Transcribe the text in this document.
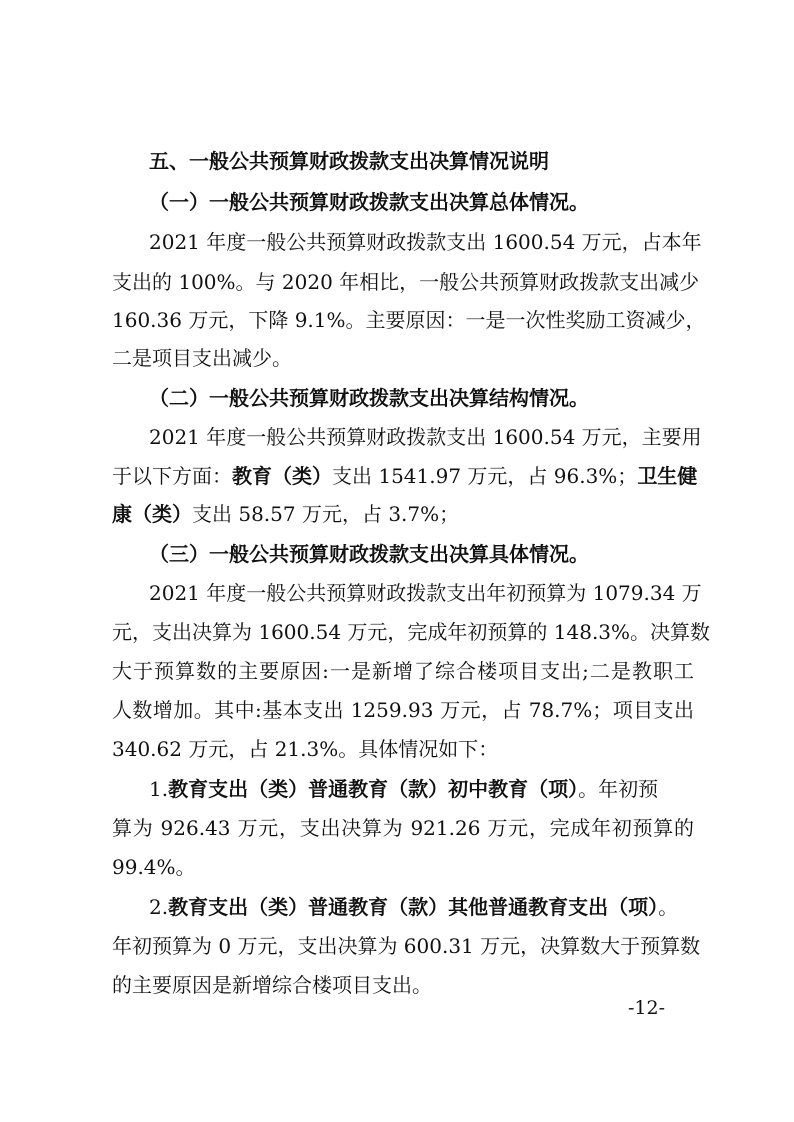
五、一般公共预算财政拨款支出决算情况说明
（一）一般公共预算财政拨款支出决算总体情况。
2021 年度一般公共预算财政拨款支出 1600.54 万元，占本年
支出的 100%。与 2020 年相比，一般公共预算财政拨款支出减少
160.36 万元，下降 9.1%。主要原因：一是一次性奖励工资减少，
二是项目支出减少。
（二）一般公共预算财政拨款支出决算结构情况。
2021 年度一般公共预算财政拨款支出 1600.54 万元，主要用
于以下方面：教育（类）支出 1541.97 万元，占 96.3%；卫生健
康（类）支出 58.57 万元，占 3.7%；
（三）一般公共预算财政拨款支出决算具体情况。
2021 年度一般公共预算财政拨款支出年初预算为 1079.34 万
元，支出决算为 1600.54 万元，完成年初预算的 148.3%。决算数
大于预算数的主要原因:一是新增了综合楼项目支出;二是教职工
人数增加。其中:基本支出 1259.93 万元，占 78.7%；项目支出
340.62 万元，占 21.3%。具体情况如下：
1.教育支出（类）普通教育（款）初中教育（项）。年初预
算为 926.43 万元，支出决算为 921.26 万元，完成年初预算的
99.4%。
2.教育支出（类）普通教育（款）其他普通教育支出（项）。
年初预算为 0 万元，支出决算为 600.31 万元，决算数大于预算数
的主要原因是新增综合楼项目支出。
-12-
